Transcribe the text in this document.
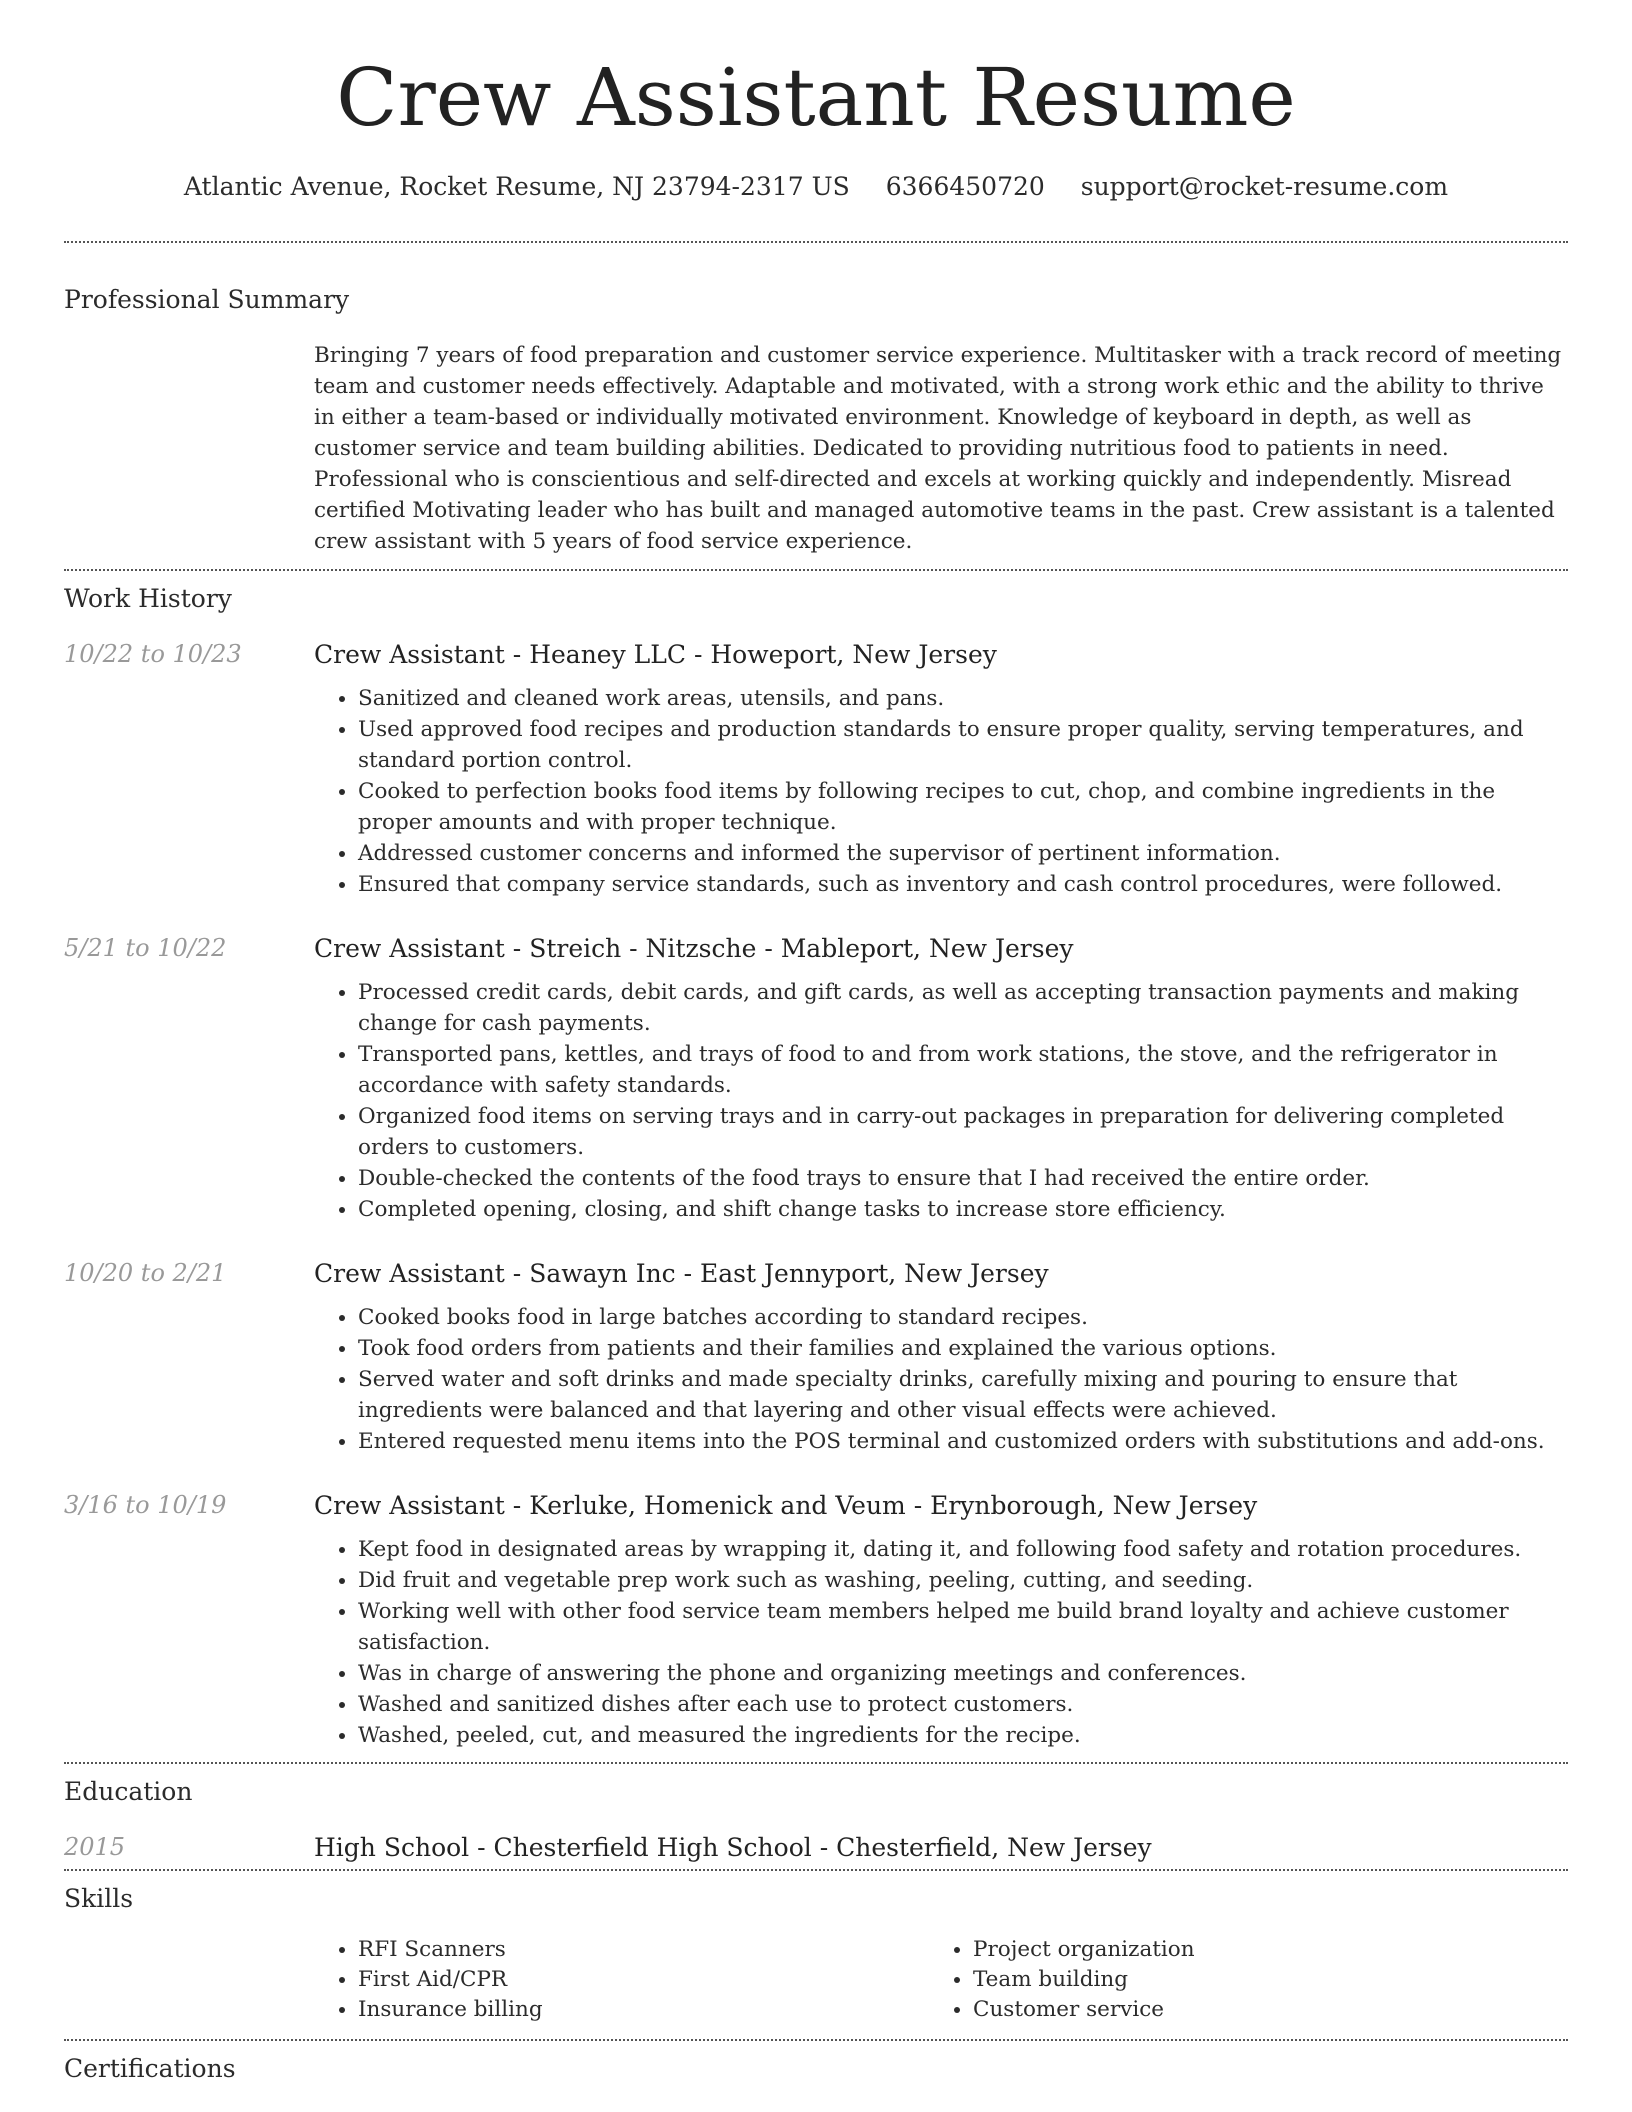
Crew Assistant Resume
Atlantic Avenue, Rocket Resume, NJ 23794-2317 US 6366450720 support@rocket-resume.com
Professional Summary
Bringing 7 years of food preparation and customer service experience. Multitasker with a track record of meeting team and customer needs effectively. Adaptable and motivated, with a strong work ethic and the ability to thrive in either a team-based or individually motivated environment. Knowledge of keyboard in depth, as well as customer service and team building abilities. Dedicated to providing nutritious food to patients in need. Professional who is conscientious and self-directed and excels at working quickly and independently. Misread certified Motivating leader who has built and managed automotive teams in the past. Crew assistant is a talented crew assistant with 5 years of food service experience.
Work History
10/22 to 10/23	Crew Assistant - Heaney LLC - Howeport, New Jersey
• Sanitized and cleaned work areas, utensils, and pans.
• Used approved food recipes and production standards to ensure proper quality, serving temperatures, and standard portion control.
• Cooked to perfection books food items by following recipes to cut, chop, and combine ingredients in the proper amounts and with proper technique.
• Addressed customer concerns and informed the supervisor of pertinent information.
• Ensured that company service standards, such as inventory and cash control procedures, were followed.
5/21 to 10/22	Crew Assistant - Streich - Nitzsche - Mableport, New Jersey
• Processed credit cards, debit cards, and gift cards, as well as accepting transaction payments and making change for cash payments.
• Transported pans, kettles, and trays of food to and from work stations, the stove, and the refrigerator in accordance with safety standards.
• Organized food items on serving trays and in carry-out packages in preparation for delivering completed orders to customers.
• Double-checked the contents of the food trays to ensure that I had received the entire order.
• Completed opening, closing, and shift change tasks to increase store efficiency.
10/20 to 2/21	Crew Assistant - Sawayn Inc - East Jennyport, New Jersey
• Cooked books food in large batches according to standard recipes.
• Took food orders from patients and their families and explained the various options.
• Served water and soft drinks and made specialty drinks, carefully mixing and pouring to ensure that ingredients were balanced and that layering and other visual effects were achieved.
• Entered requested menu items into the POS terminal and customized orders with substitutions and add-ons.
3/16 to 10/19	Crew Assistant - Kerluke, Homenick and Veum - Erynborough, New Jersey
• Kept food in designated areas by wrapping it, dating it, and following food safety and rotation procedures.
• Did fruit and vegetable prep work such as washing, peeling, cutting, and seeding.
• Working well with other food service team members helped me build brand loyalty and achieve customer satisfaction.
• Was in charge of answering the phone and organizing meetings and conferences.
• Washed and sanitized dishes after each use to protect customers.
• Washed, peeled, cut, and measured the ingredients for the recipe.
Education
2015	High School - Chesterfield High School - Chesterfield, New Jersey
Skills
• RFI Scanners
• First Aid/CPR
• Insurance billing
• Project organization
• Team building
• Customer service
Certifications
